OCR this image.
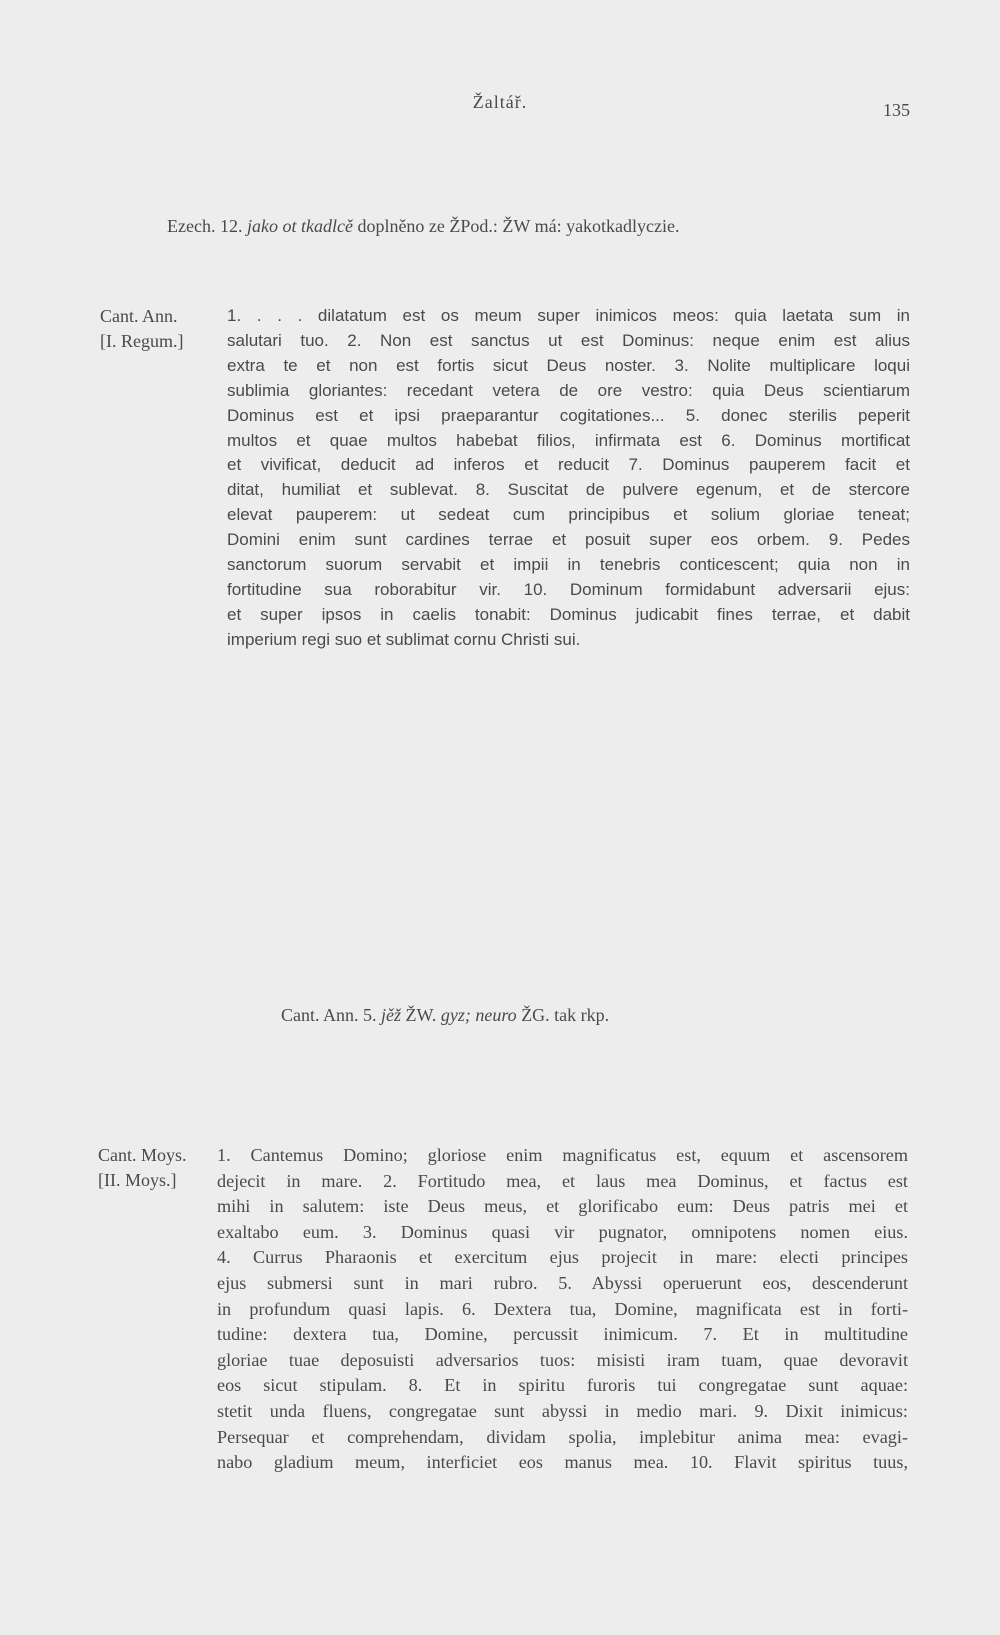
Žaltář.	135
Ezech. 12. jako ot tkadlcě doplněno ze ŽPod.: ŽW má: yakotkadlyczie.
Cant. Ann.
[I. Regum.]
1. . . . dilatatum est os meum super inimicos meos: quia laetata sum in
salutari tuo. 2. Non est sanctus ut est Dominus: neque enim est alius
extra te et non est fortis sicut Deus noster. 3. Nolite multiplicare loqui
sublimia gloriantes: recedant vetera de ore vestro: quia Deus scientiarum
Dominus est et ipsi praeparantur cogitationes... 5. donec sterilis peperit
multos et quae multos habebat filios, infirmata est 6. Dominus mortificat
et vivificat, deducit ad inferos et reducit 7. Dominus pauperem facit et
ditat, humiliat et sublevat. 8. Suscitat de pulvere egenum, et de stercore
elevat pauperem: ut sedeat cum principibus et solium gloriae teneat;
Domini enim sunt cardines terrae et posuit super eos orbem. 9. Pedes
sanctorum suorum servabit et impii in tenebris conticescent; quia non in
fortitudine sua roborabitur vir. 10. Dominum formidabunt adversarii ejus:
et super ipsos in caelis tonabit: Dominus judicabit fines terrae, et dabit
imperium regi suo et sublimat cornu Christi sui.
Cant. Ann. 5. jěž ŽW. gyz; neuro ŽG. tak rkp.
Cant. Moys.
[II. Moys.]
1. Cantemus Domino; gloriose enim magnificatus est, equum et ascensorem
dejecit in mare. 2. Fortitudo mea, et laus mea Dominus, et factus est
mihi in salutem: iste Deus meus, et glorificabo eum: Deus patris mei et
exaltabo eum. 3. Dominus quasi vir pugnator, omnipotens nomen eius.
4. Currus Pharaonis et exercitum ejus projecit in mare: electi principes
ejus submersi sunt in mari rubro. 5. Abyssi operuerunt eos, descenderunt
in profundum quasi lapis. 6. Dextera tua, Domine, magnificata est in forti-
tudine: dextera tua, Domine, percussit inimicum. 7. Et in multitudine
gloriae tuae deposuisti adversarios tuos: misisti iram tuam, quae devoravit
eos sicut stipulam. 8. Et in spiritu furoris tui congregatae sunt aquae:
stetit unda fluens, congregatae sunt abyssi in medio mari. 9. Dixit inimicus:
Persequar et comprehendam, dividam spolia, implebitur anima mea: evagi-
nabo gladium meum, interficiet eos manus mea. 10. Flavit spiritus tuus,
